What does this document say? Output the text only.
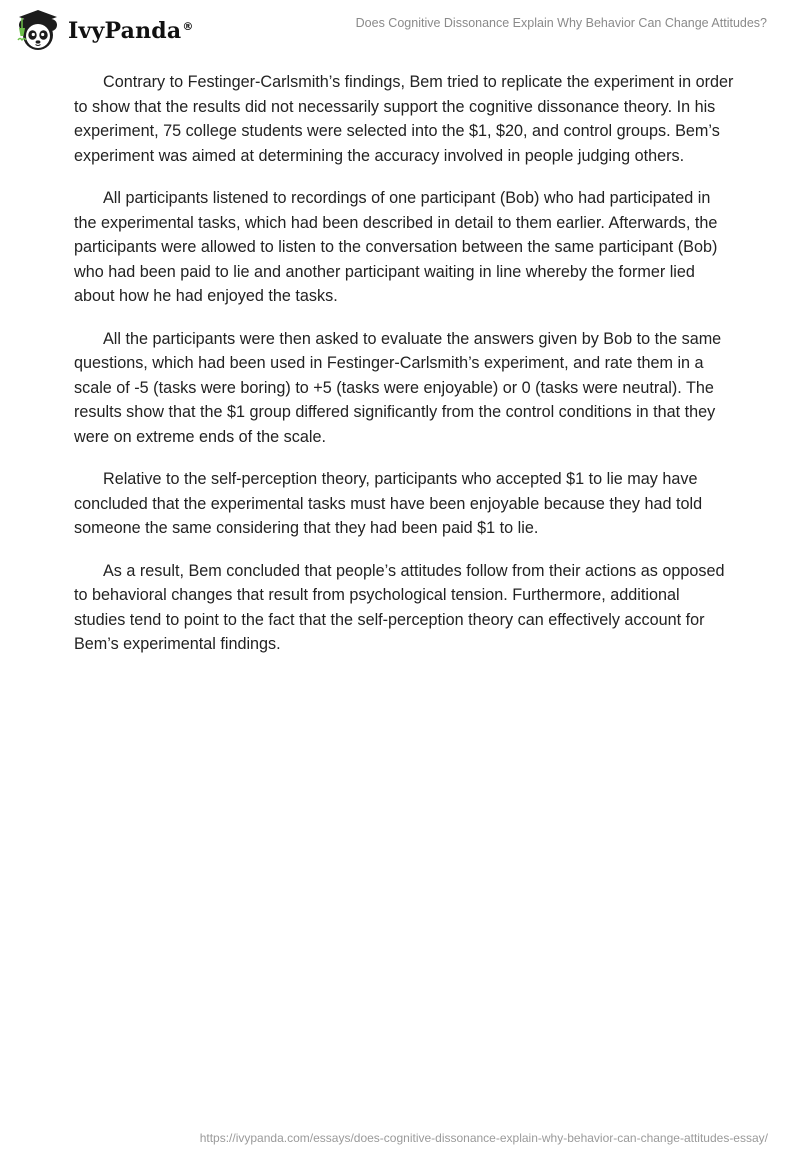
IvyPanda®	Does Cognitive Dissonance Explain Why Behavior Can Change Attitudes?

Contrary to Festinger-Carlsmith’s findings, Bem tried to replicate the experiment in order to show that the results did not necessarily support the cognitive dissonance theory. In his experiment, 75 college students were selected into the $1, $20, and control groups. Bem’s experiment was aimed at determining the accuracy involved in people judging others.

All participants listened to recordings of one participant (Bob) who had participated in the experimental tasks, which had been described in detail to them earlier. Afterwards, the participants were allowed to listen to the conversation between the same participant (Bob) who had been paid to lie and another participant waiting in line whereby the former lied about how he had enjoyed the tasks.

All the participants were then asked to evaluate the answers given by Bob to the same questions, which had been used in Festinger-Carlsmith’s experiment, and rate them in a scale of -5 (tasks were boring) to +5 (tasks were enjoyable) or 0 (tasks were neutral). The results show that the $1 group differed significantly from the control conditions in that they were on extreme ends of the scale.

Relative to the self-perception theory, participants who accepted $1 to lie may have concluded that the experimental tasks must have been enjoyable because they had told someone the same considering that they had been paid $1 to lie.

As a result, Bem concluded that people’s attitudes follow from their actions as opposed to behavioral changes that result from psychological tension. Furthermore, additional studies tend to point to the fact that the self-perception theory can effectively account for Bem’s experimental findings.

https://ivypanda.com/essays/does-cognitive-dissonance-explain-why-behavior-can-change-attitudes-essay/
